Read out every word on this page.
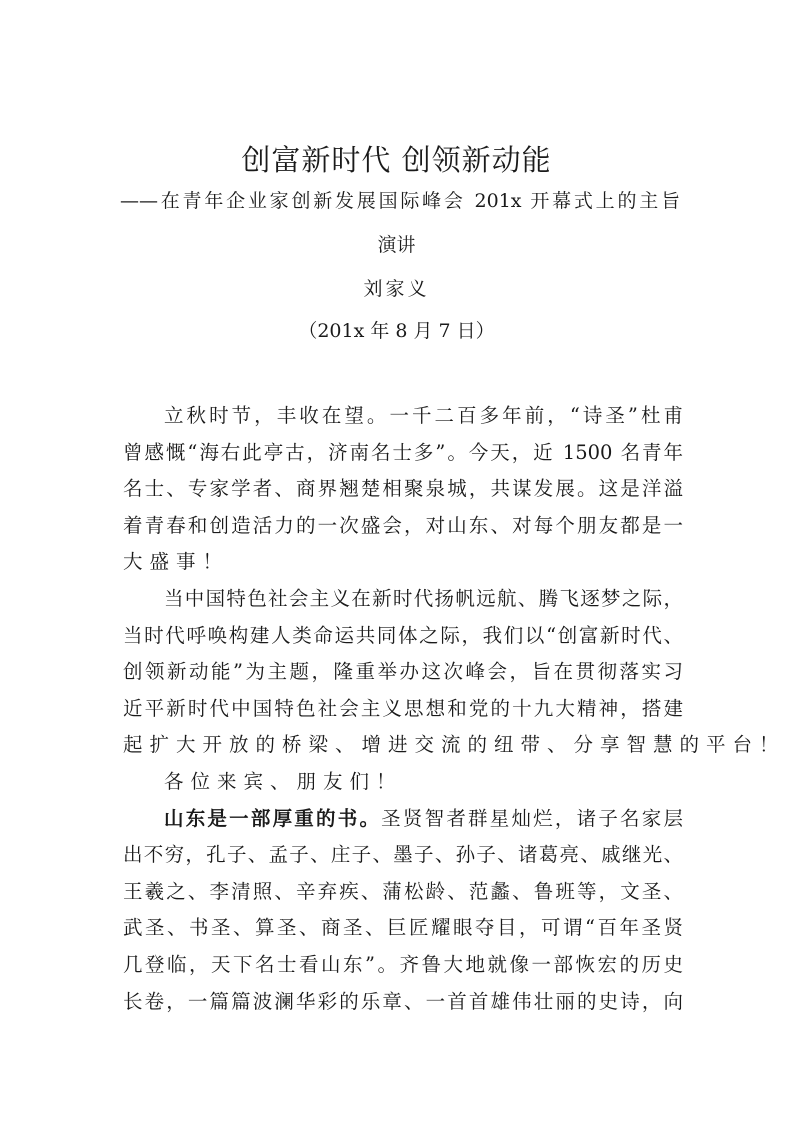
创富新时代 创领新动能

——在青年企业家创新发展国际峰会 201x 开幕式上的主旨

演讲
刘家义
（201x 年 8 月 7 日）
立秋时节，丰收在望。一千二百多年前，“诗圣”杜甫
曾感慨“海右此亭古，济南名士多”。今天，近 1500 名青年
名士、专家学者、商界翘楚相聚泉城，共谋发展。这是洋溢
着青春和创造活力的一次盛会，对山东、对每个朋友都是一
大盛事！
当中国特色社会主义在新时代扬帆远航、腾飞逐梦之际，
当时代呼唤构建人类命运共同体之际，我们以“创富新时代、
创领新动能”为主题，隆重举办这次峰会，旨在贯彻落实习
近平新时代中国特色社会主义思想和党的十九大精神，搭建
起扩大开放的桥梁、增进交流的纽带、分享智慧的平台！
各位来宾、朋友们！
山东是一部厚重的书。圣贤智者群星灿烂，诸子名家层
出不穷，孔子、孟子、庄子、墨子、孙子、诸葛亮、戚继光、
王羲之、李清照、辛弃疾、蒲松龄、范蠡、鲁班等，文圣、
武圣、书圣、算圣、商圣、巨匠耀眼夺目，可谓“百年圣贤
几登临，天下名士看山东”。齐鲁大地就像一部恢宏的历史
长卷，一篇篇波澜华彩的乐章、一首首雄伟壮丽的史诗，向
